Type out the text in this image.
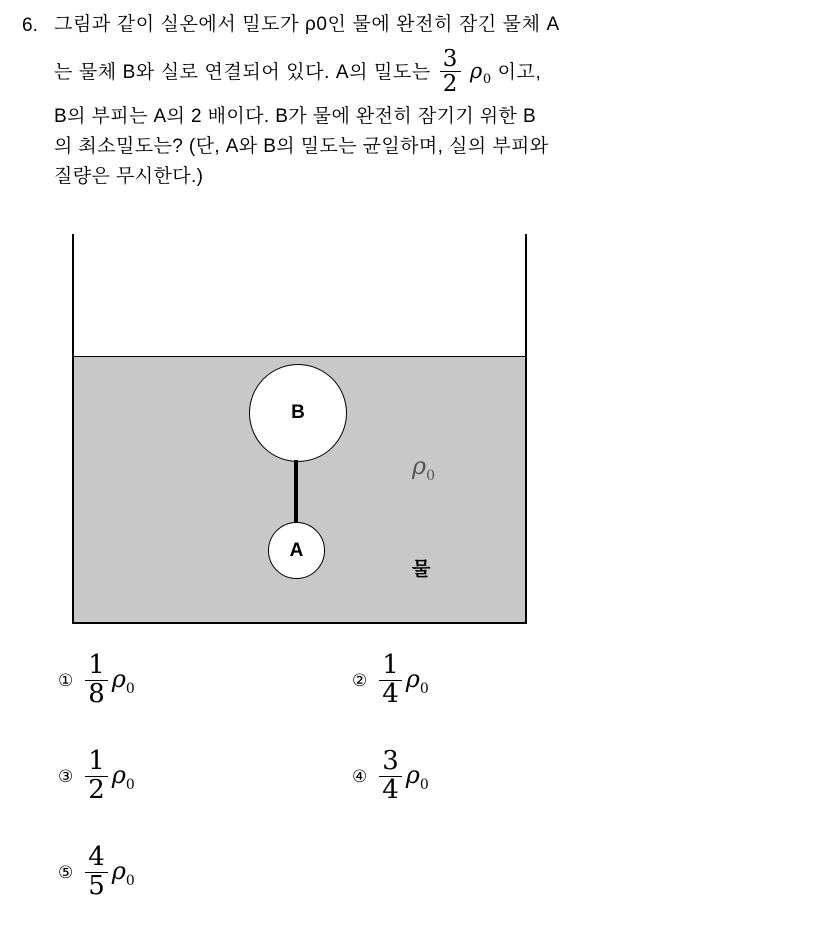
6. 그림과 같이 실온에서 밀도가 ρ0인 물에 완전히 잠긴 물체 A
는 물체 B와 실로 연결되어 있다. A의 밀도는 $\frac{3}{2} \rho_0$ 이고,
B의 부피는 A의 2 배이다. B가 물에 완전히 잠기기 위한 B
의 최소밀도는? (단, A와 B의 밀도는 균일하며, 실의 부피와
질량은 무시한다.)
B
A
$\rho_0$
물
① $\frac{1}{8} \rho_0$	② $\frac{1}{4} \rho_0$
③ $\frac{1}{2} \rho_0$	④ $\frac{3}{4} \rho_0$
⑤ $\frac{4}{5} \rho_0$
